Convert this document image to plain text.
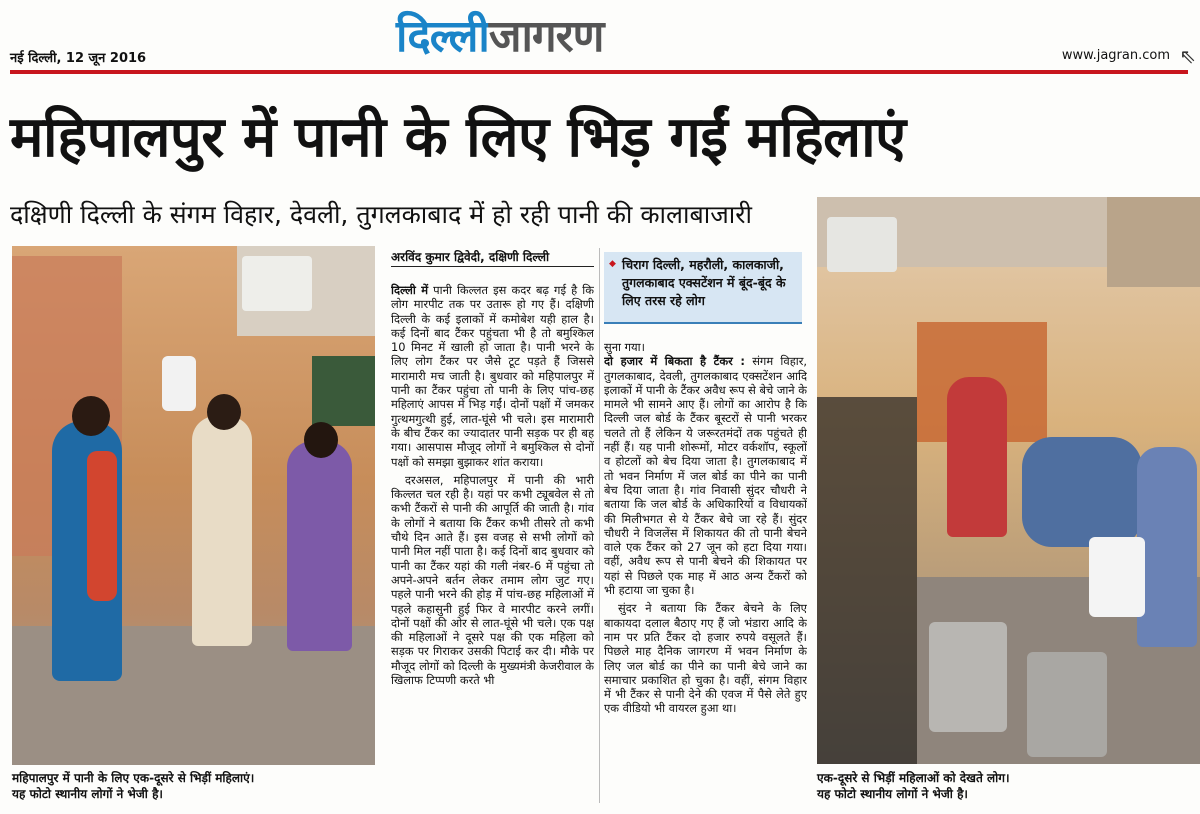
नई दिल्ली, 12 जून 2016	दिल्लीजागरण	www.jagran.com ⇖
महिपालपुर में पानी के लिए भिड़ गईं महिलाएं
दक्षिणी दिल्ली के संगम विहार, देवली, तुगलकाबाद में हो रही पानी की कालाबाजारी
अरविंद कुमार द्विवेदी, दक्षिणी दिल्ली

दिल्ली में पानी किल्लत इस कदर बढ़ गई है कि लोग मारपीट तक पर उतारू हो गए हैं। दक्षिणी दिल्ली के कई इलाकों में कमोबेश यही हाल है। कई दिनों बाद टैंकर पहुंचता भी है तो बमुश्किल 10 मिनट में खाली हो जाता है। पानी भरने के लिए लोग टैंकर पर जैसे टूट पड़ते हैं जिससे मारामारी मच जाती है। बुधवार को महिपालपुर में पानी का टैंकर पहुंचा तो पानी के लिए पांच-छह महिलाएं आपस में भिड़ गईं। दोनों पक्षों में जमकर गुत्थमगुत्थी हुई, लात-घूंसे भी चले। इस मारामारी के बीच टैंकर का ज्यादातर पानी सड़क पर ही बह गया। आसपास मौजूद लोगों ने बमुश्किल से दोनों पक्षों को समझा बुझाकर शांत कराया।

दरअसल, महिपालपुर में पानी की भारी किल्लत चल रही है। यहां पर कभी ट्यूबवेल से तो कभी टैंकरों से पानी की आपूर्ति की जाती है। गांव के लोगों ने बताया कि टैंकर कभी तीसरे तो कभी चौथे दिन आते हैं। इस वजह से सभी लोगों को पानी मिल नहीं पाता है। कई दिनों बाद बुधवार को पानी का टैंकर यहां की गली नंबर-6 में पहुंचा तो अपने-अपने बर्तन लेकर तमाम लोग जुट गए। पहले पानी भरने की होड़ में पांच-छह महिलाओं में पहले कहासुनी हुई फिर वे मारपीट करने लगीं। दोनों पक्षों की ओर से लात-घूंसे भी चले। एक पक्ष की महिलाओं ने दूसरे पक्ष की एक महिला को सड़क पर गिराकर उसकी पिटाई कर दी। मौके पर मौजूद लोगों को दिल्ली के मुख्यमंत्री केजरीवाल के खिलाफ टिप्पणी करते भी

◆ चिराग दिल्ली, महरौली, कालकाजी, तुगलकाबाद एक्सटेंशन में बूंद-बूंद के लिए तरस रहे लोग

सुना गया।

दो हजार में बिकता है टैंकर : संगम विहार, तुगलकाबाद, देवली, तुगलकाबाद एक्सटेंशन आदि इलाकों में पानी के टैंकर अवैध रूप से बेचे जाने के मामले भी सामने आए हैं। लोगों का आरोप है कि दिल्ली जल बोर्ड के टैंकर बूस्टरों से पानी भरकर चलते तो हैं लेकिन ये जरूरतमंदों तक पहुंचते ही नहीं हैं। यह पानी शोरूमों, मोटर वर्कशॉप, स्कूलों व होटलों को बेच दिया जाता है। तुगलकाबाद में तो भवन निर्माण में जल बोर्ड का पीने का पानी बेच दिया जाता है। गांव निवासी सुंदर चौधरी ने बताया कि जल बोर्ड के अधिकारियों व विधायकों की मिलीभगत से ये टैंकर बेचे जा रहे हैं। सुंदर चौधरी ने विजलेंस में शिकायत की तो पानी बेचने वाले एक टैंकर को 27 जून को हटा दिया गया। वहीं, अवैध रूप से पानी बेचने की शिकायत पर यहां से पिछले एक माह में आठ अन्य टैंकरों को भी हटाया जा चुका है।

सुंदर ने बताया कि टैंकर बेचने के लिए बाकायदा दलाल बैठाए गए हैं जो भंडारा आदि के नाम पर प्रति टैंकर दो हजार रुपये वसूलते हैं। पिछले माह दैनिक जागरण में भवन निर्माण के लिए जल बोर्ड का पीने का पानी बेचे जाने का समाचार प्रकाशित हो चुका है। वहीं, संगम विहार में भी टैंकर से पानी देने की एवज में पैसे लेते हुए एक वीडियो भी वायरल हुआ था।

महिपालपुर में पानी के लिए एक-दूसरे से भिड़ीं महिलाएं।
यह फोटो स्थानीय लोगों ने भेजी है।
एक-दूसरे से भिड़ीं महिलाओं को देखते लोग।
यह फोटो स्थानीय लोगों ने भेजी है।
